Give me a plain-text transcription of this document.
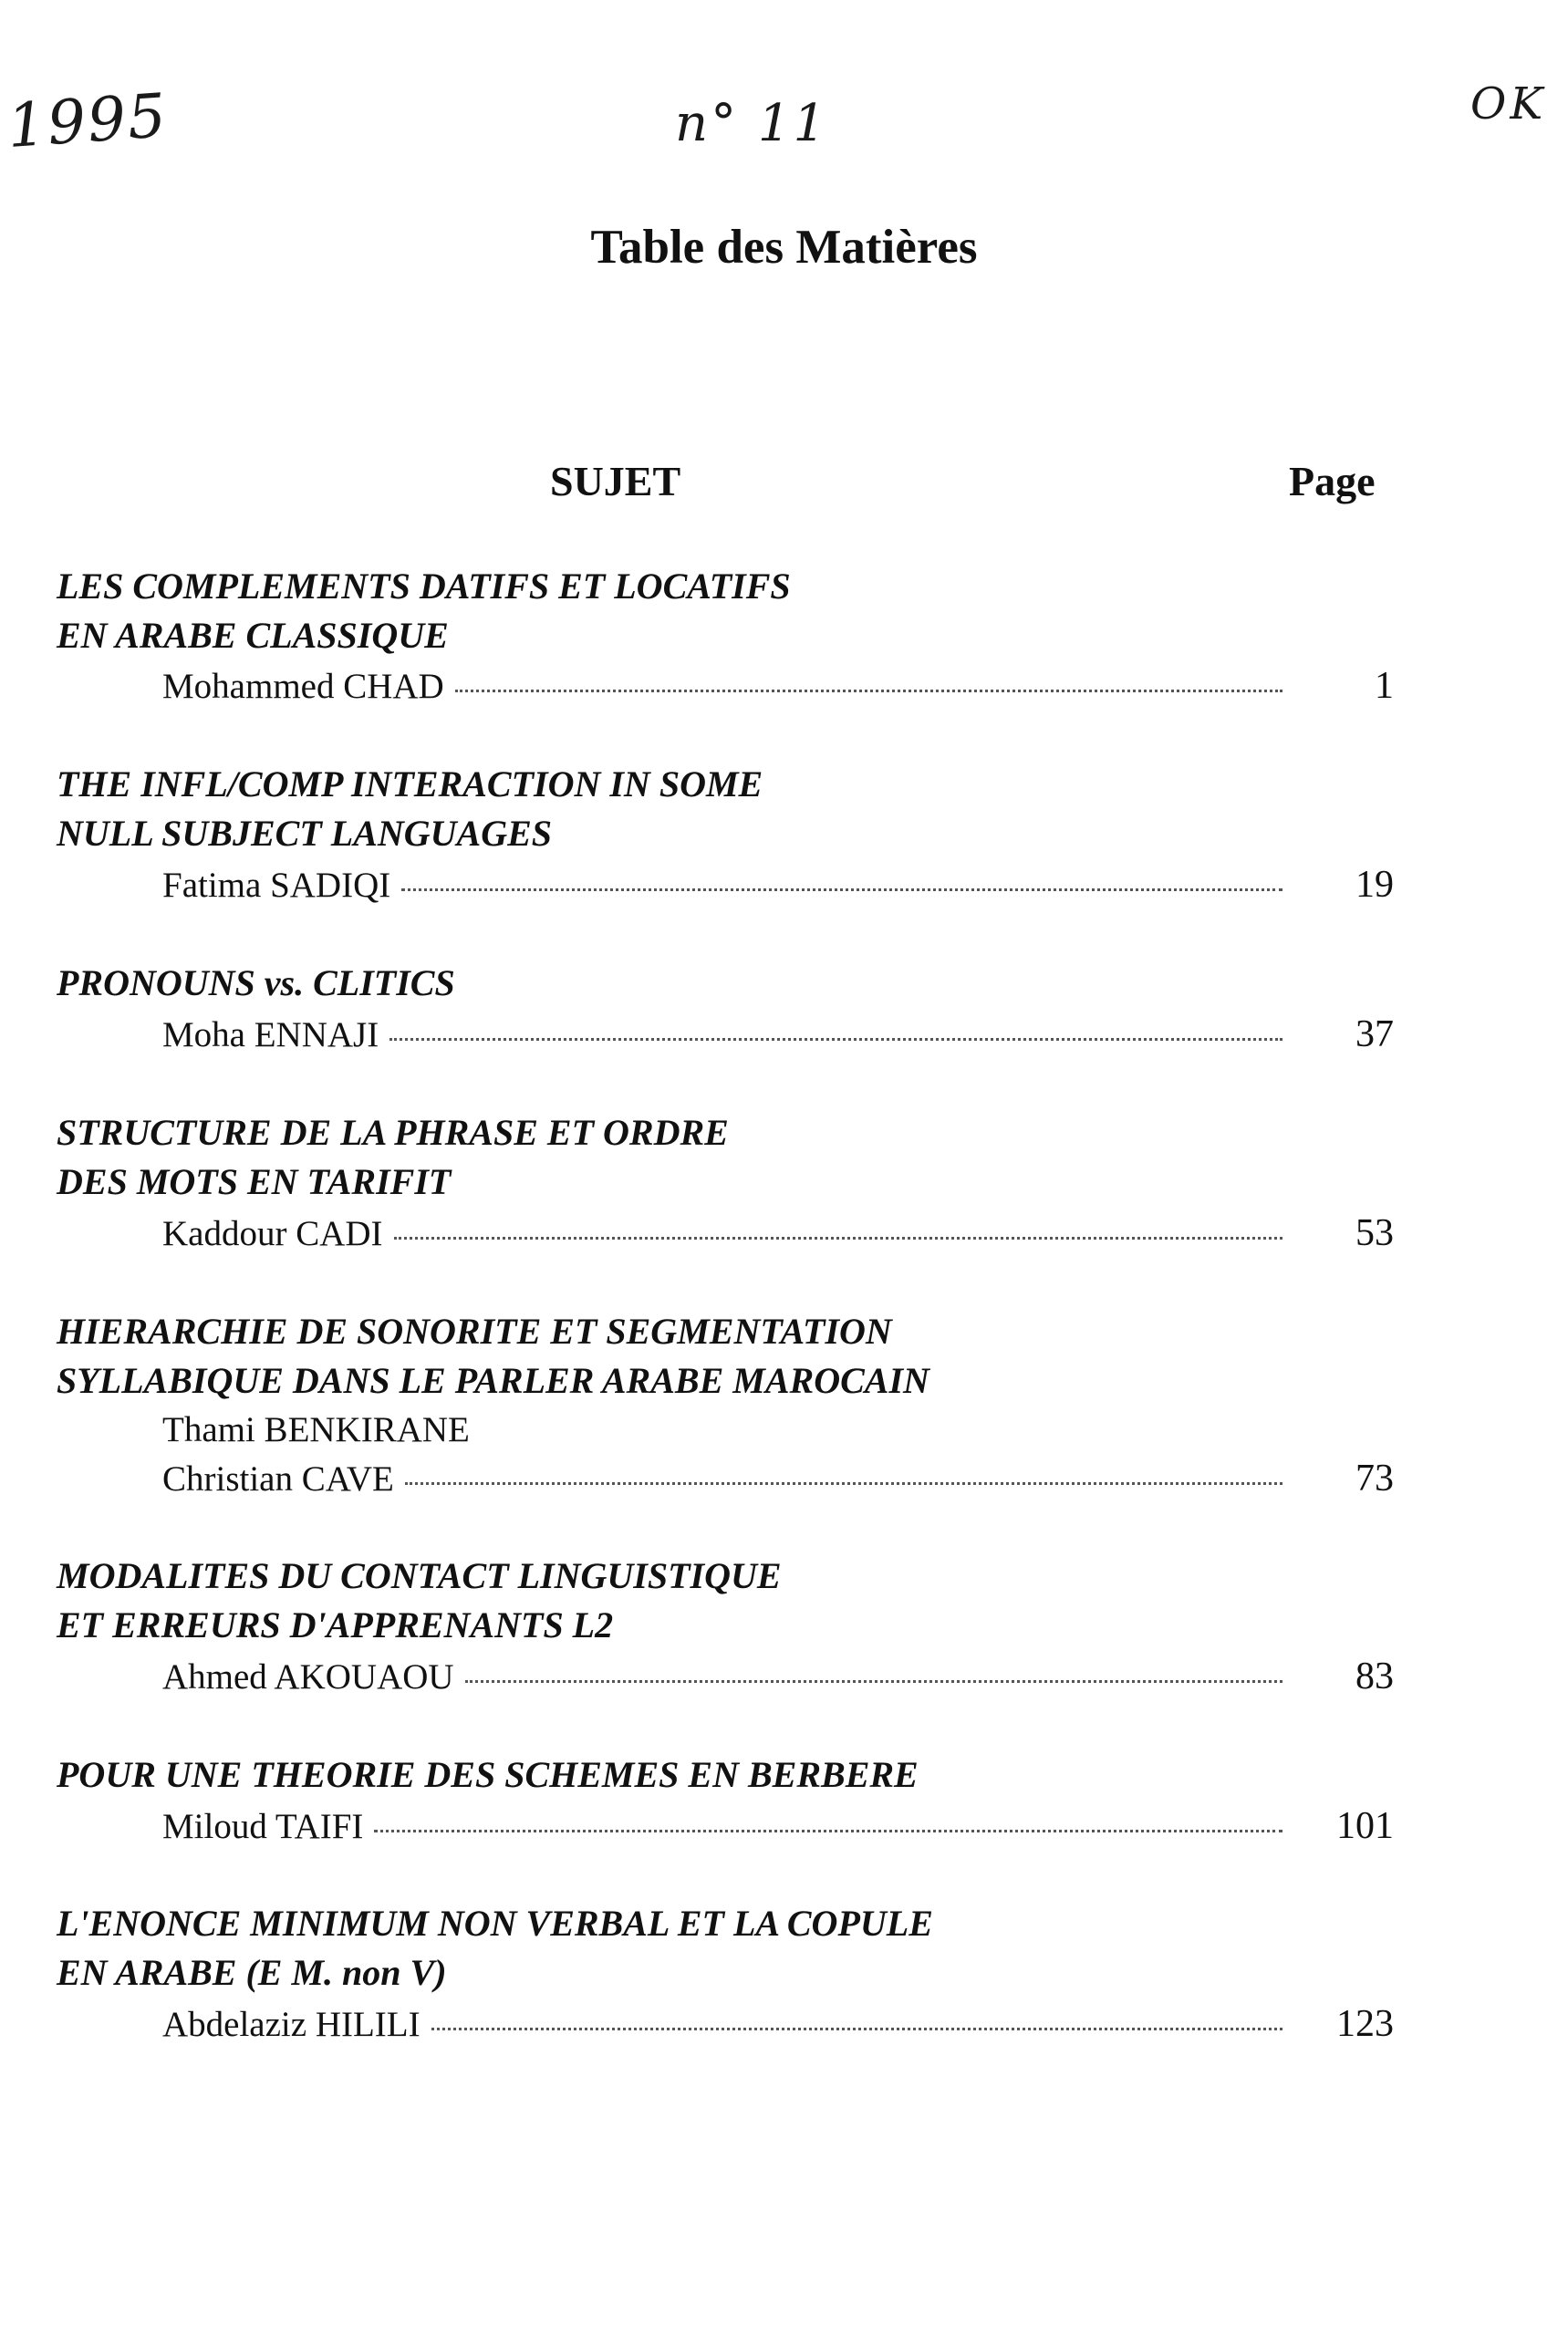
1995	n° 11	OK
Table des Matières
SUJET	Page
LES COMPLEMENTS DATIFS ET LOCATIFS
EN ARABE CLASSIQUE
Mohammed CHAD	1
THE INFL/COMP INTERACTION IN SOME
NULL SUBJECT LANGUAGES
Fatima SADIQI	19
PRONOUNS vs. CLITICS
Moha ENNAJI	37
STRUCTURE DE LA PHRASE ET ORDRE
DES MOTS EN TARIFIT
Kaddour CADI	53
HIERARCHIE DE SONORITE ET SEGMENTATION
SYLLABIQUE DANS LE PARLER ARABE MAROCAIN
Thami BENKIRANE
Christian CAVE	73
MODALITES DU CONTACT LINGUISTIQUE
ET ERREURS D'APPRENANTS L2
Ahmed AKOUAOU	83
POUR UNE THEORIE DES SCHEMES EN BERBERE
Miloud TAIFI	101
L'ENONCE MINIMUM NON VERBAL ET LA COPULE
EN ARABE (E M. non V)
Abdelaziz HILILI	123
